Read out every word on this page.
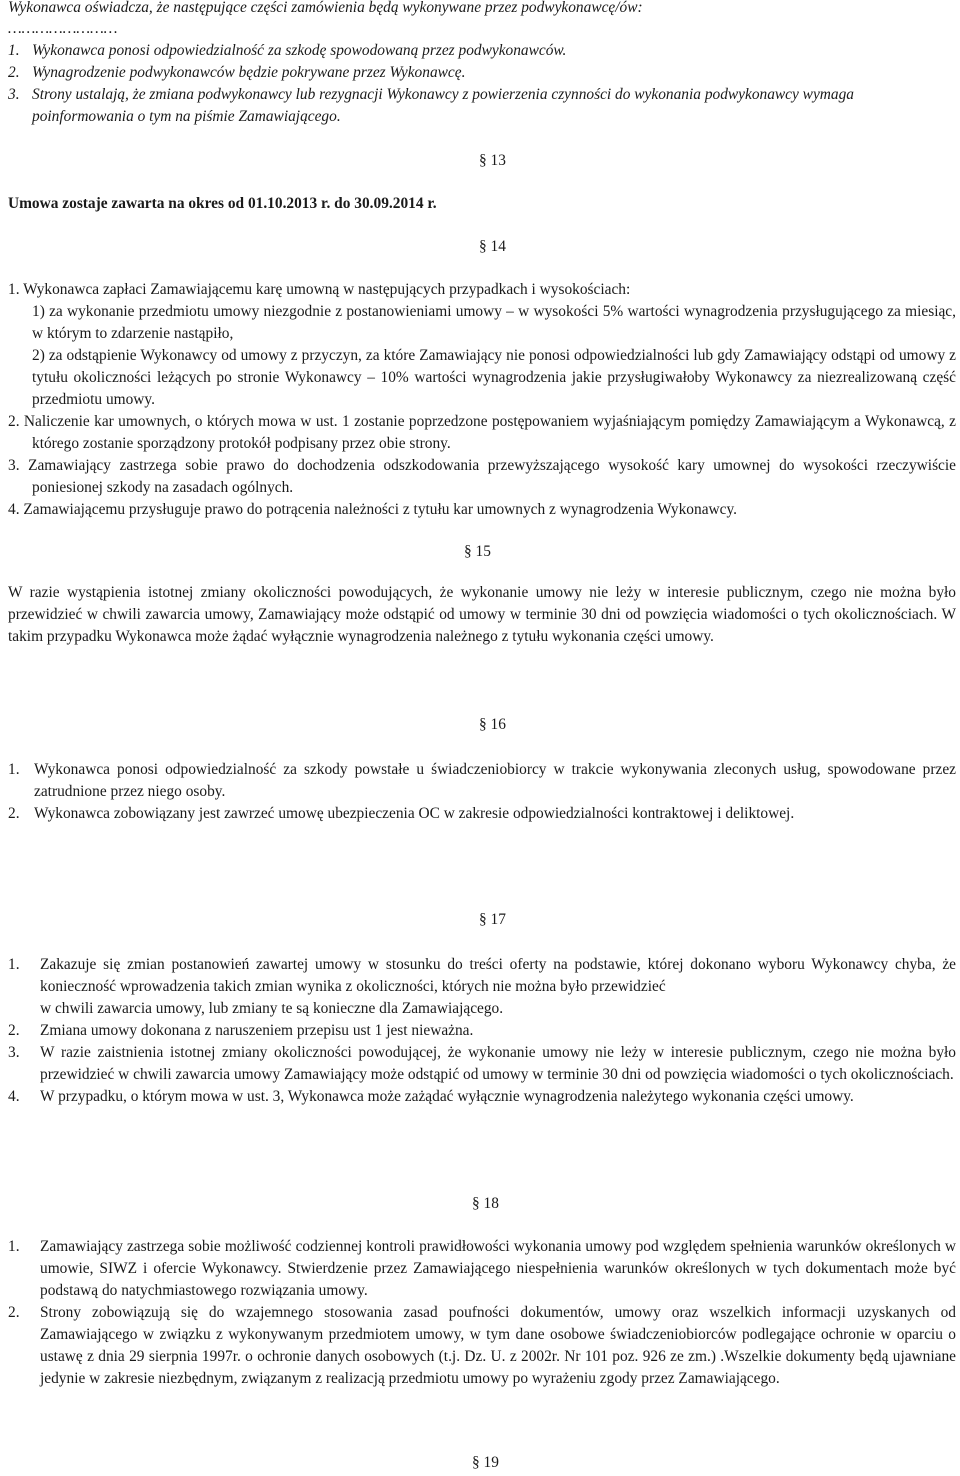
Wykonawca oświadcza, że następujące części zamówienia będą wykonywane przez podwykonawcę/ów:

……………………

1. Wykonawca ponosi odpowiedzialność za szkodę spowodowaną przez podwykonawców.
2. Wynagrodzenie podwykonawców będzie pokrywane przez Wykonawcę.
3. Strony ustalają, że zmiana podwykonawcy lub rezygnacji Wykonawcy z powierzenia czynności do wykonania podwykonawcy wymaga poinformowania o tym na piśmie Zamawiającego.

§ 13

Umowa zostaje zawarta na okres od 01.10.2013 r. do 30.09.2014 r.

§ 14

1. Wykonawca zapłaci Zamawiającemu karę umowną w następujących przypadkach i wysokościach:

1) za wykonanie przedmiotu umowy niezgodnie z postanowieniami umowy – w wysokości 5% wartości wynagrodzenia przysługującego za miesiąc, w którym to zdarzenie nastąpiło,

2) za odstąpienie Wykonawcy od umowy z przyczyn, za które Zamawiający nie ponosi odpowiedzialności lub gdy Zamawiający odstąpi od umowy z tytułu okoliczności leżących po stronie Wykonawcy – 10% wartości wynagrodzenia jakie przysługiwałoby Wykonawcy za niezrealizowaną część przedmiotu umowy.

2. Naliczenie kar umownych, o których mowa w ust. 1 zostanie poprzedzone postępowaniem wyjaśniającym pomiędzy Zamawiającym a Wykonawcą, z którego zostanie sporządzony protokół podpisany przez obie strony.

3. Zamawiający zastrzega sobie prawo do dochodzenia odszkodowania przewyższającego wysokość kary umownej do wysokości rzeczywiście poniesionej szkody na zasadach ogólnych.

4. Zamawiającemu przysługuje prawo do potrącenia należności z tytułu kar umownych z wynagrodzenia Wykonawcy.

§ 15

W razie wystąpienia istotnej zmiany okoliczności powodujących, że wykonanie umowy nie leży w interesie publicznym, czego nie można było przewidzieć w chwili zawarcia umowy, Zamawiający może odstąpić od umowy w terminie 30 dni od powzięcia wiadomości o tych okolicznościach. W takim przypadku Wykonawca może żądać wyłącznie wynagrodzenia należnego z tytułu wykonania części umowy.

§ 16

1. Wykonawca ponosi odpowiedzialność za szkody powstałe u świadczeniobiorcy w trakcie wykonywania zleconych usług, spowodowane przez zatrudnione przez niego osoby.
2. Wykonawca zobowiązany jest zawrzeć umowę ubezpieczenia OC w zakresie odpowiedzialności kontraktowej i deliktowej.

§ 17

1.	Zakazuje się zmian postanowień zawartej umowy w stosunku do treści oferty na podstawie, której dokonano wyboru Wykonawcy chyba, że konieczność wprowadzenia takich zmian wynika z okoliczności, których nie można było przewidzieć
w chwili zawarcia umowy, lub zmiany te są konieczne dla Zamawiającego.
2.	Zmiana umowy dokonana z naruszeniem przepisu ust 1 jest nieważna.
3.	W razie zaistnienia istotnej zmiany okoliczności powodującej, że wykonanie umowy nie leży w interesie publicznym, czego nie można było przewidzieć w chwili zawarcia umowy Zamawiający może odstąpić od umowy w terminie 30 dni od powzięcia wiadomości o tych okolicznościach.
4.	W przypadku, o którym mowa w ust. 3, Wykonawca może zażądać wyłącznie wynagrodzenia należytego wykonania części umowy.

§ 18

1.	Zamawiający zastrzega sobie możliwość codziennej kontroli prawidłowości wykonania umowy pod względem spełnienia warunków określonych w umowie, SIWZ i ofercie Wykonawcy. Stwierdzenie przez Zamawiającego niespełnienia warunków określonych w tych dokumentach może być podstawą do natychmiastowego rozwiązania umowy.
2.	Strony zobowiązują się do wzajemnego stosowania zasad poufności dokumentów, umowy oraz wszelkich informacji uzyskanych od Zamawiającego w związku z wykonywanym przedmiotem umowy, w tym dane osobowe świadczeniobiorców podlegające ochronie w oparciu o ustawę z dnia 29 sierpnia 1997r. o ochronie danych osobowych (t.j. Dz. U. z 2002r. Nr 101 poz. 926 ze zm.) .Wszelkie dokumenty będą ujawniane jedynie w zakresie niezbędnym, związanym z realizacją przedmiotu umowy po wyrażeniu zgody przez Zamawiającego.

§ 19
